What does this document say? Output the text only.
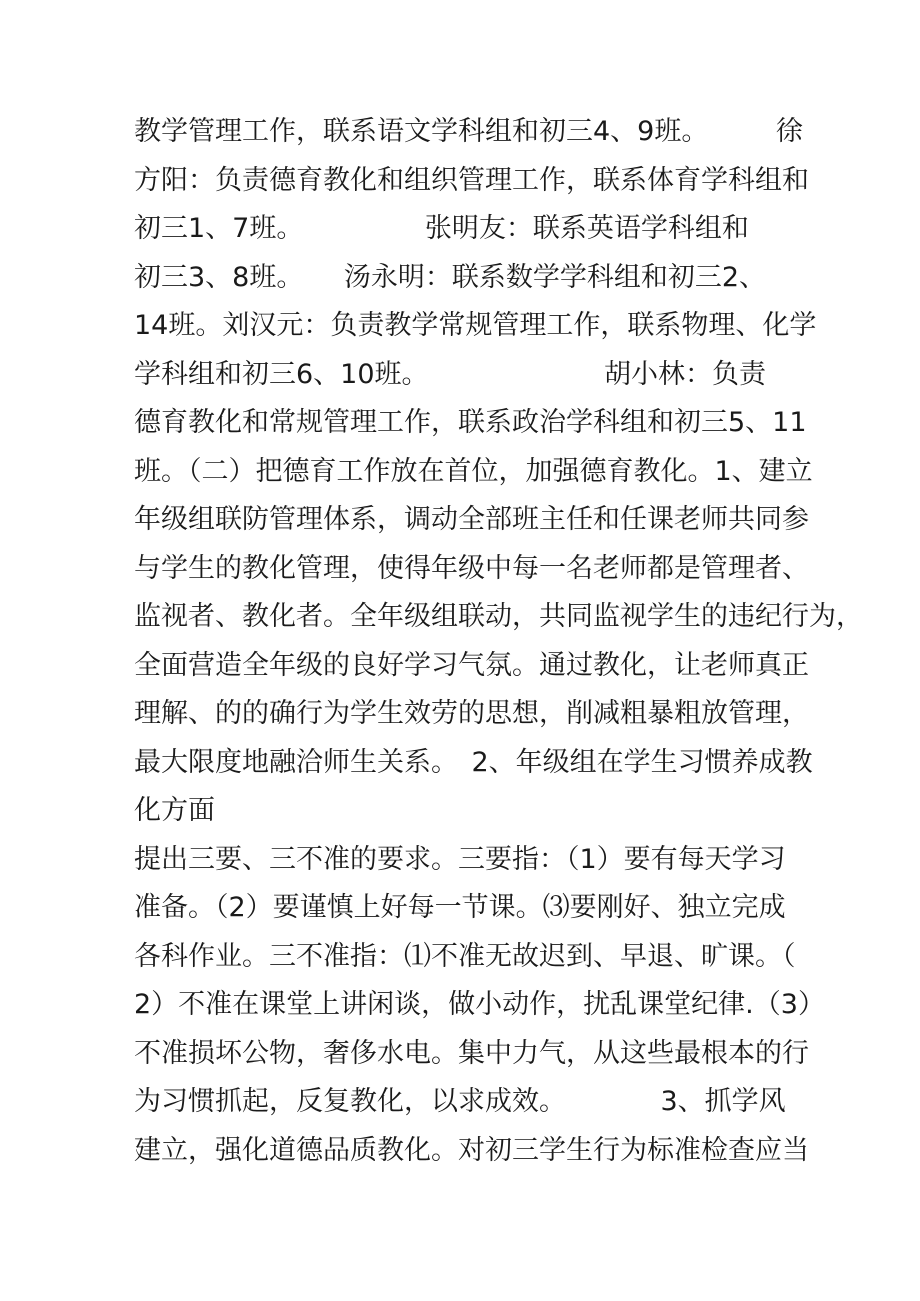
教学管理工作，联系语文学科组和初三4、9班。　　　徐
方阳：负责德育教化和组织管理工作，联系体育学科组和
初三1、7班。　　　　　张明友：联系英语学科组和
初三3、8班。　　汤永明：联系数学学科组和初三2、
14班。刘汉元：负责教学常规管理工作，联系物理、化学
学科组和初三6、10班。　　　　　　　胡小林：负责
德育教化和常规管理工作，联系政治学科组和初三5、11
班。（二）把德育工作放在首位，加强德育教化。1、建立
年级组联防管理体系，调动全部班主任和任课老师共同参
与学生的教化管理，使得年级中每一名老师都是管理者、
监视者、教化者。全年级组联动，共同监视学生的违纪行为，
全面营造全年级的良好学习气氛。通过教化，让老师真正
理解、的的确行为学生效劳的思想，削减粗暴粗放管理，
最大限度地融洽师生关系。　2、年级组在学生习惯养成教
化方面
提出三要、三不准的要求。三要指：（1）要有每天学习
准备。（2）要谨慎上好每一节课。⑶要刚好、独立完成
各科作业。三不准指：⑴不准无故迟到、早退、旷课。（
2）不准在课堂上讲闲谈，做小动作，扰乱课堂纪律.（3）
不准损坏公物，奢侈水电。集中力气，从这些最根本的行
为习惯抓起，反复教化，以求成效。　　　　3、抓学风
建立，强化道德品质教化。对初三学生行为标准检查应当
